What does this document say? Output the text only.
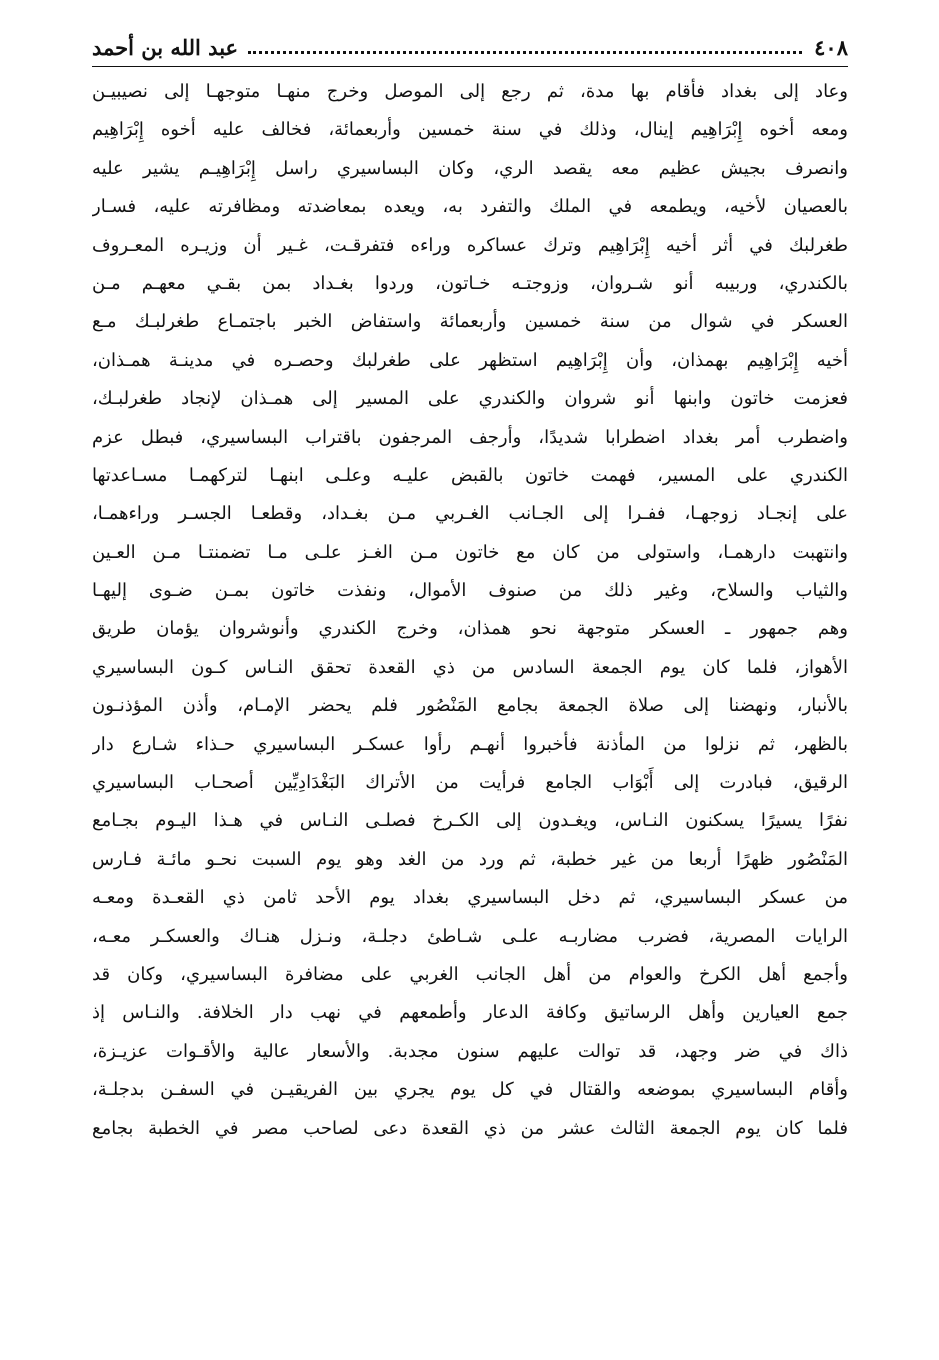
٤٠٨
عبد الله بن أحمد
وعاد إلى بغداد فأقام بها مدة، ثم رجع إلى الموصل وخرج منهـا متوجهـا إلى نصيبيـن
ومعه أخوه إِبْرَاهِيم إينال، وذلك في سنة خمسين وأربعمائة، فخالف عليه أخوه إِبْرَاهِيم
وانصرف بجيش عظيم معه يقصد الري، وكان البساسيري راسل إِبْرَاهِيـم يشير عليه
بالعصيان لأخيه، ويطمعه في الملك والتفرد به، ويعده بمعاضدته ومظافرته عليه، فسـار
طغرلبك في أثر أخيه إِبْرَاهِيم وترك عساكره وراءه فتفرقـت، غـير أن وزيـره المعـروف
بالكندري، وربيبه أنو شـروان، وزوجتـه خـاتون، وردوا بغـداد بمن بقـي معهـم مـن
العسكر في شوال من سنة خمسين وأربعمائة واستفاض الخبر باجتمـاع طغرلبـك مـع
أخيه إِبْرَاهِيم بهمذان، وأن إِبْرَاهِيم استظهر على طغرلبك وحصـره في مدينـة همـذان،
فعزمت خاتون وابنها أنو شروان والكندري على المسير إلى همـذان لإنجاد طغرلبـك،
واضطرب أمر بغداد اضطرابا شديدًا، وأرجف المرجفون باقتراب البساسيري، فبطل عزم
الكندري على المسير، فهمت خاتون بالقبض عليـه وعلـى ابنهـا لتركهمـا مسـاعدتها
على إنجـاد زوجهـا، ففـرا إلى الجـانب الغـربي مـن بغـداد، وقطعـا الجسـر وراءهمـا،
وانتهبت دارهمـا، واستولى من كان مع خاتون مـن الغـز علـى مـا تضمنتـا مـن العـين
والثياب والسلاح، وغير ذلك من صنوف الأموال، ونفذت خاتون بمـن ضـوى إليهـا
وهم جمهور ـ العسكر متوجهة نحو همذان، وخرج الكندري وأنوشروان يؤمان طريق
الأهواز، فلما كان يوم الجمعة السادس من ذي القعدة تحقق النـاس كـون البساسيري
بالأنبار، ونهضنا إلى صلاة الجمعة بجامع المَنْصُور فلم يحضر الإمـام، وأذن المؤذنـون
بالظهر، ثم نزلوا من المأذنة فأخبروا أنهـم رأوا عسكـر البساسيري حـذاء شـارع دار
الرقيق، فبادرت إلى أَبْوَاب الجامع فرأيت من الأتراك البَغْدَادِيِّين أصحـاب البساسيري
نفرًا يسيرًا يسكنون النـاس، ويغـدون إلى الكـرخ فصلـى النـاس في هـذا اليـوم بجـامع
المَنْصُور ظهرًا أربعا من غير خطبة، ثم ورد من الغد وهو يوم السبت نحـو مائـة فـارس
من عسكر البساسيري، ثم دخل البساسيري بغداد يوم الأحد ثامن ذي القعـدة ومعـه
الرايات المصرية، فضرب مضاربـه علـى شـاطئ دجلـة، ونـزل هنـاك والعسكـر معـه،
وأجمع أهل الكرخ والعوام من أهل الجانب الغربي على مضافرة البساسيري، وكان قد
جمع العيارين وأهل الرساتيق وكافة الدعار وأطمعهم في نهب دار الخلافة. والنـاس إذ
ذاك في ضر وجهد، قد توالت عليهم سنون مجدبة. والأسعار عالية والأقـوات عزيـزة،
وأقام البساسيري بموضعه والقتال في كل يوم يجري بين الفريقيـن في السفـن بدجلـة،
فلما كان يوم الجمعة الثالث عشر من ذي القعدة دعى لصاحب مصر في الخطبة بجامع
